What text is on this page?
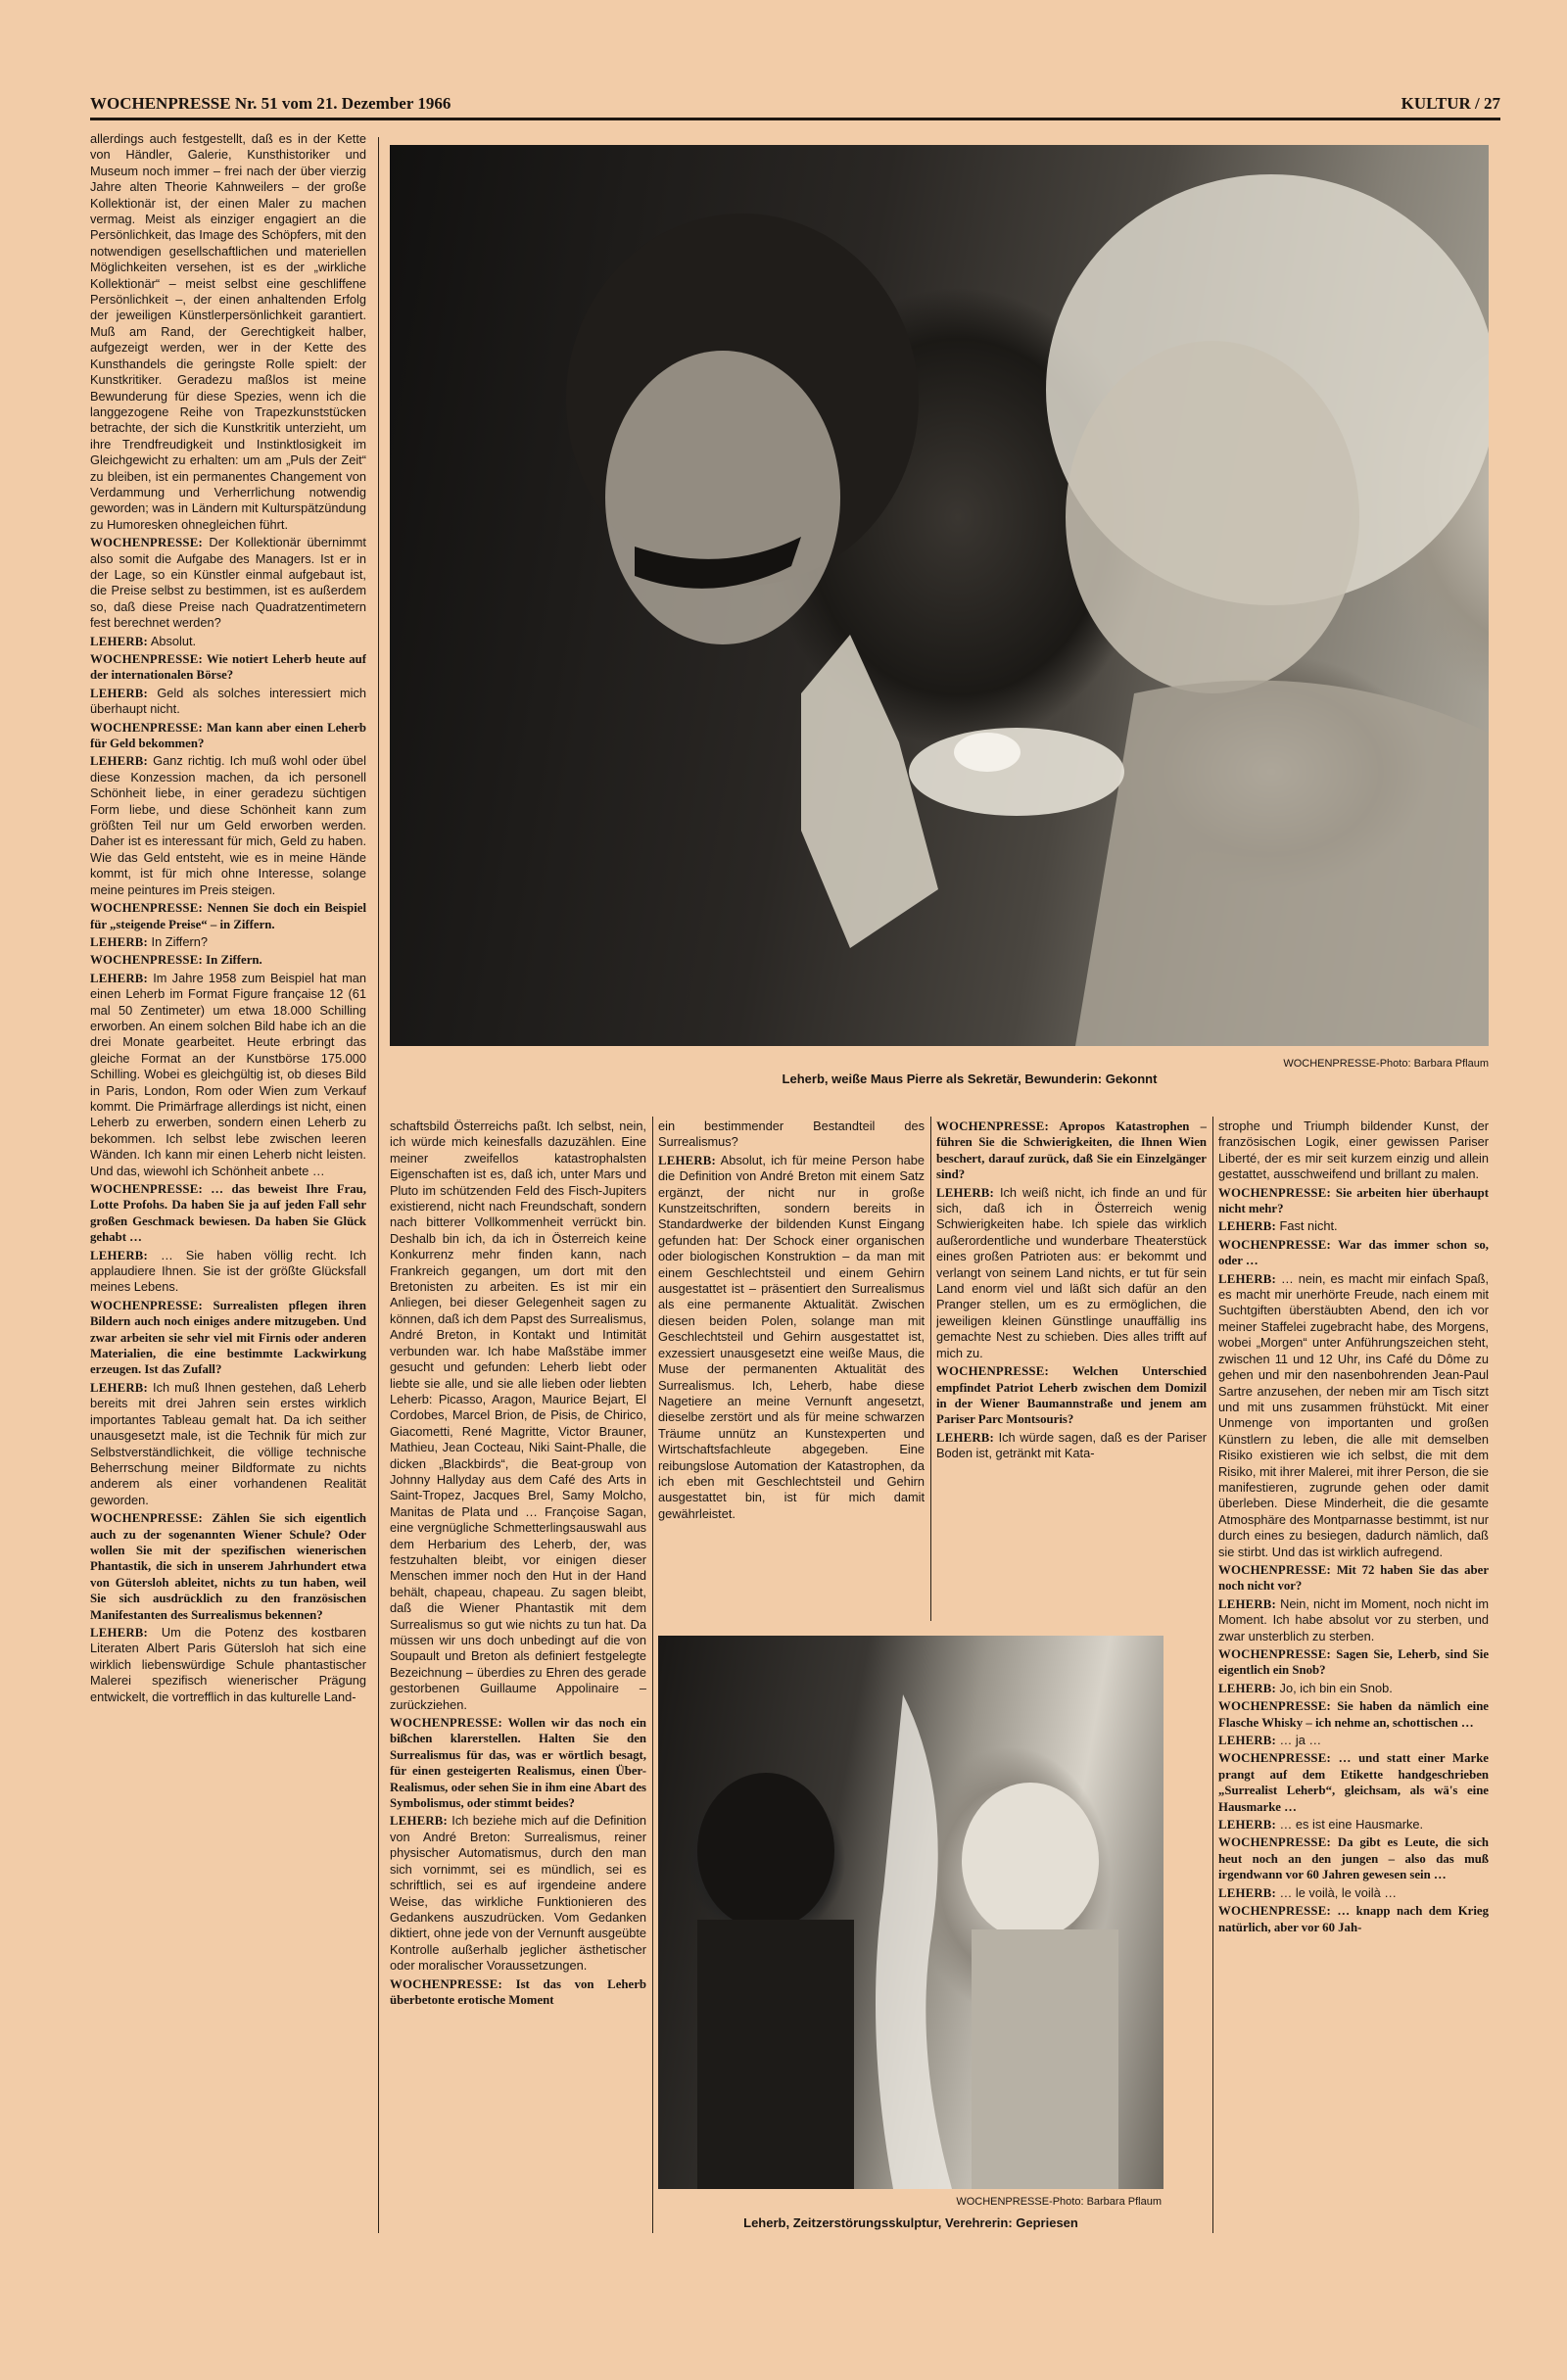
WOCHENPRESSE Nr. 51 vom 21. Dezember 1966	KULTUR / 27

allerdings auch festgestellt, daß es in der Kette von Händler, Galerie, Kunsthistoriker und Museum noch immer – frei nach der über vierzig Jahre alten Theorie Kahnweilers – der große Kollektionär ist, der einen Maler zu machen vermag. Meist als einziger engagiert an die Persönlichkeit, das Image des Schöpfers, mit den notwendigen gesellschaftlichen und materiellen Möglichkeiten versehen, ist es der „wirkliche Kollektionär“ – meist selbst eine geschliffene Persönlichkeit –, der einen anhaltenden Erfolg der jeweiligen Künstlerpersönlichkeit garantiert. Muß am Rand, der Gerechtigkeit halber, aufgezeigt werden, wer in der Kette des Kunsthandels die geringste Rolle spielt: der Kunstkritiker. Geradezu maßlos ist meine Bewunderung für diese Spezies, wenn ich die langgezogene Reihe von Trapezkunststücken betrachte, der sich die Kunstkritik unterzieht, um ihre Trendfreudigkeit und Instinktlosigkeit im Gleichgewicht zu erhalten: um am „Puls der Zeit“ zu bleiben, ist ein permanentes Changement von Verdammung und Verherrlichung notwendig geworden; was in Ländern mit Kulturspätzündung zu Humoresken ohnegleichen führt.

WOCHENPRESSE: Der Kollektionär übernimmt also somit die Aufgabe des Managers. Ist er in der Lage, so ein Künstler einmal aufgebaut ist, die Preise selbst zu bestimmen, ist es außerdem so, daß diese Preise nach Quadratzentimetern fest berechnet werden?

LEHERB: Absolut.

WOCHENPRESSE: Wie notiert Leherb heute auf der internationalen Börse?

LEHERB: Geld als solches interessiert mich überhaupt nicht.

WOCHENPRESSE: Man kann aber einen Leherb für Geld bekommen?

LEHERB: Ganz richtig. Ich muß wohl oder übel diese Konzession machen, da ich personell Schönheit liebe, in einer geradezu süchtigen Form liebe, und diese Schönheit kann zum größten Teil nur um Geld erworben werden. Daher ist es interessant für mich, Geld zu haben. Wie das Geld entsteht, wie es in meine Hände kommt, ist für mich ohne Interesse, solange meine peintures im Preis steigen.

WOCHENPRESSE: Nennen Sie doch ein Beispiel für „steigende Preise“ – in Ziffern.

LEHERB: In Ziffern?

WOCHENPRESSE: In Ziffern.

LEHERB: Im Jahre 1958 zum Beispiel hat man einen Leherb im Format Figure française 12 (61 mal 50 Zentimeter) um etwa 18.000 Schilling erworben. An einem solchen Bild habe ich an die drei Monate gearbeitet. Heute erbringt das gleiche Format an der Kunstbörse 175.000 Schilling. Wobei es gleichgültig ist, ob dieses Bild in Paris, London, Rom oder Wien zum Verkauf kommt. Die Primärfrage allerdings ist nicht, einen Leherb zu erwerben, sondern einen Leherb zu bekommen. Ich selbst lebe zwischen leeren Wänden. Ich kann mir einen Leherb nicht leisten. Und das, wiewohl ich Schönheit anbete …

WOCHENPRESSE: … das beweist Ihre Frau, Lotte Profohs. Da haben Sie ja auf jeden Fall sehr großen Geschmack bewiesen. Da haben Sie Glück gehabt …

LEHERB: … Sie haben völlig recht. Ich applaudiere Ihnen. Sie ist der größte Glücksfall meines Lebens.

WOCHENPRESSE: Surrealisten pflegen ihren Bildern auch noch einiges andere mitzugeben. Und zwar arbeiten sie sehr viel mit Firnis oder anderen Materialien, die eine bestimmte Lackwirkung erzeugen. Ist das Zufall?

LEHERB: Ich muß Ihnen gestehen, daß Leherb bereits mit drei Jahren sein erstes wirklich importantes Tableau gemalt hat. Da ich seither unausgesetzt male, ist die Technik für mich zur Selbstverständlichkeit, die völlige technische Beherrschung meiner Bildformate zu nichts anderem als einer vorhandenen Realität geworden.

WOCHENPRESSE: Zählen Sie sich eigentlich auch zu der sogenannten Wiener Schule? Oder wollen Sie mit der spezifischen wienerischen Phantastik, die sich in unserem Jahrhundert etwa von Gütersloh ableitet, nichts zu tun haben, weil Sie sich ausdrücklich zu den französischen Manifestanten des Surrealismus bekennen?

LEHERB: Um die Potenz des kostbaren Literaten Albert Paris Gütersloh hat sich eine wirklich liebenswürdige Schule phantastischer Malerei spezifisch wienerischer Prägung entwickelt, die vortrefflich in das kulturelle Land-

WOCHENPRESSE-Photo: Barbara Pflaum
Leherb, weiße Maus Pierre als Sekretär, Bewunderin: Gekonnt

schaftsbild Österreichs paßt. Ich selbst, nein, ich würde mich keinesfalls dazuzählen. Eine meiner zweifellos katastrophalsten Eigenschaften ist es, daß ich, unter Mars und Pluto im schützenden Feld des Fisch-Jupiters existierend, nicht nach Freundschaft, sondern nach bitterer Vollkommenheit verrückt bin. Deshalb bin ich, da ich in Österreich keine Konkurrenz mehr finden kann, nach Frankreich gegangen, um dort mit den Bretonisten zu arbeiten. Es ist mir ein Anliegen, bei dieser Gelegenheit sagen zu können, daß ich dem Papst des Surrealismus, André Breton, in Kontakt und Intimität verbunden war. Ich habe Maßstäbe immer gesucht und gefunden: Leherb liebt oder liebte sie alle, und sie alle lieben oder liebten Leherb: Picasso, Aragon, Maurice Bejart, El Cordobes, Marcel Brion, de Pisis, de Chirico, Giacometti, René Magritte, Victor Brauner, Mathieu, Jean Cocteau, Niki Saint-Phalle, die dicken „Blackbirds“, die Beat-group von Johnny Hallyday aus dem Café des Arts in Saint-Tropez, Jacques Brel, Samy Molcho, Manitas de Plata und … Françoise Sagan, eine vergnügliche Schmetterlingsauswahl aus dem Herbarium des Leherb, der, was festzuhalten bleibt, vor einigen dieser Menschen immer noch den Hut in der Hand behält, chapeau, chapeau. Zu sagen bleibt, daß die Wiener Phantastik mit dem Surrealismus so gut wie nichts zu tun hat. Da müssen wir uns doch unbedingt auf die von Soupault und Breton als definiert festgelegte Bezeichnung – überdies zu Ehren des gerade gestorbenen Guillaume Appolinaire – zurückziehen.

WOCHENPRESSE: Wollen wir das noch ein bißchen klarerstellen. Halten Sie den Surrealismus für das, was er wörtlich besagt, für einen gesteigerten Realismus, einen Über-Realismus, oder sehen Sie in ihm eine Abart des Symbolismus, oder stimmt beides?

LEHERB: Ich beziehe mich auf die Definition von André Breton: Surrealismus, reiner physischer Automatismus, durch den man sich vornimmt, sei es mündlich, sei es schriftlich, sei es auf irgendeine andere Weise, das wirkliche Funktionieren des Gedankens auszudrücken. Vom Gedanken diktiert, ohne jede von der Vernunft ausgeübte Kontrolle außerhalb jeglicher ästhetischer oder moralischer Voraussetzungen.

WOCHENPRESSE: Ist das von Leherb überbetonte erotische Moment

ein bestimmender Bestandteil des Surrealismus?

LEHERB: Absolut, ich für meine Person habe die Definition von André Breton mit einem Satz ergänzt, der nicht nur in große Kunstzeitschriften, sondern bereits in Standardwerke der bildenden Kunst Eingang gefunden hat: Der Schock einer organischen oder biologischen Konstruktion – da man mit einem Geschlechtsteil und einem Gehirn ausgestattet ist – präsentiert den Surrealismus als eine permanente Aktualität. Zwischen diesen beiden Polen, solange man mit Geschlechtsteil und Gehirn ausgestattet ist, exzessiert unausgesetzt eine weiße Maus, die Muse der permanenten Aktualität des Surrealismus. Ich, Leherb, habe diese Nagetiere an meine Vernunft angesetzt, dieselbe zerstört und als für meine schwarzen Träume unnütz an Kunstexperten und Wirtschaftsfachleute abgegeben. Eine reibungslose Automation der Katastrophen, da ich eben mit Geschlechtsteil und Gehirn ausgestattet bin, ist für mich damit gewährleistet.

WOCHENPRESSE: Apropos Katastrophen – führen Sie die Schwierigkeiten, die Ihnen Wien beschert, darauf zurück, daß Sie ein Einzelgänger sind?

LEHERB: Ich weiß nicht, ich finde an und für sich, daß ich in Österreich wenig Schwierigkeiten habe. Ich spiele das wirklich außerordentliche und wunderbare Theaterstück eines großen Patrioten aus: er bekommt und verlangt von seinem Land nichts, er tut für sein Land enorm viel und läßt sich dafür an den Pranger stellen, um es zu ermöglichen, die jeweiligen kleinen Günstlinge unauffällig ins gemachte Nest zu schieben. Dies alles trifft auf mich zu.

WOCHENPRESSE: Welchen Unterschied empfindet Patriot Leherb zwischen dem Domizil in der Wiener Baumannstraße und jenem am Pariser Parc Montsouris?

LEHERB: Ich würde sagen, daß es der Pariser Boden ist, getränkt mit Kata-

WOCHENPRESSE-Photo: Barbara Pflaum
Leherb, Zeitzerstörungsskulptur, Verehrerin: Gepriesen

strophe und Triumph bildender Kunst, der französischen Logik, einer gewissen Pariser Liberté, der es mir seit kurzem einzig und allein gestattet, ausschweifend und brillant zu malen.

WOCHENPRESSE: Sie arbeiten hier überhaupt nicht mehr?

LEHERB: Fast nicht.

WOCHENPRESSE: War das immer schon so, oder …

LEHERB: … nein, es macht mir einfach Spaß, es macht mir unerhörte Freude, nach einem mit Suchtgiften überstäubten Abend, den ich vor meiner Staffelei zugebracht habe, des Morgens, wobei „Morgen“ unter Anführungszeichen steht, zwischen 11 und 12 Uhr, ins Café du Dôme zu gehen und mir den nasenbohrenden Jean-Paul Sartre anzusehen, der neben mir am Tisch sitzt und mit uns zusammen frühstückt. Mit einer Unmenge von importanten und großen Künstlern zu leben, die alle mit demselben Risiko existieren wie ich selbst, die mit dem Risiko, mit ihrer Malerei, mit ihrer Person, die sie manifestieren, zugrunde gehen oder damit überleben. Diese Minderheit, die die gesamte Atmosphäre des Montparnasse bestimmt, ist nur durch eines zu besiegen, dadurch nämlich, daß sie stirbt. Und das ist wirklich aufregend.

WOCHENPRESSE: Mit 72 haben Sie das aber noch nicht vor?

LEHERB: Nein, nicht im Moment, noch nicht im Moment. Ich habe absolut vor zu sterben, und zwar unsterblich zu sterben.

WOCHENPRESSE: Sagen Sie, Leherb, sind Sie eigentlich ein Snob?

LEHERB: Jo, ich bin ein Snob.

WOCHENPRESSE: Sie haben da nämlich eine Flasche Whisky – ich nehme an, schottischen …

LEHERB: … ja …

WOCHENPRESSE: … und statt einer Marke prangt auf dem Etikette handgeschrieben „Surrealist Leherb“, gleichsam, als wä's eine Hausmarke …

LEHERB: … es ist eine Hausmarke.

WOCHENPRESSE: Da gibt es Leute, die sich heut noch an den jungen – also das muß irgendwann vor 60 Jahren gewesen sein …

LEHERB: … le voilà, le voilà …

WOCHENPRESSE: … knapp nach dem Krieg natürlich, aber vor 60 Jah-
